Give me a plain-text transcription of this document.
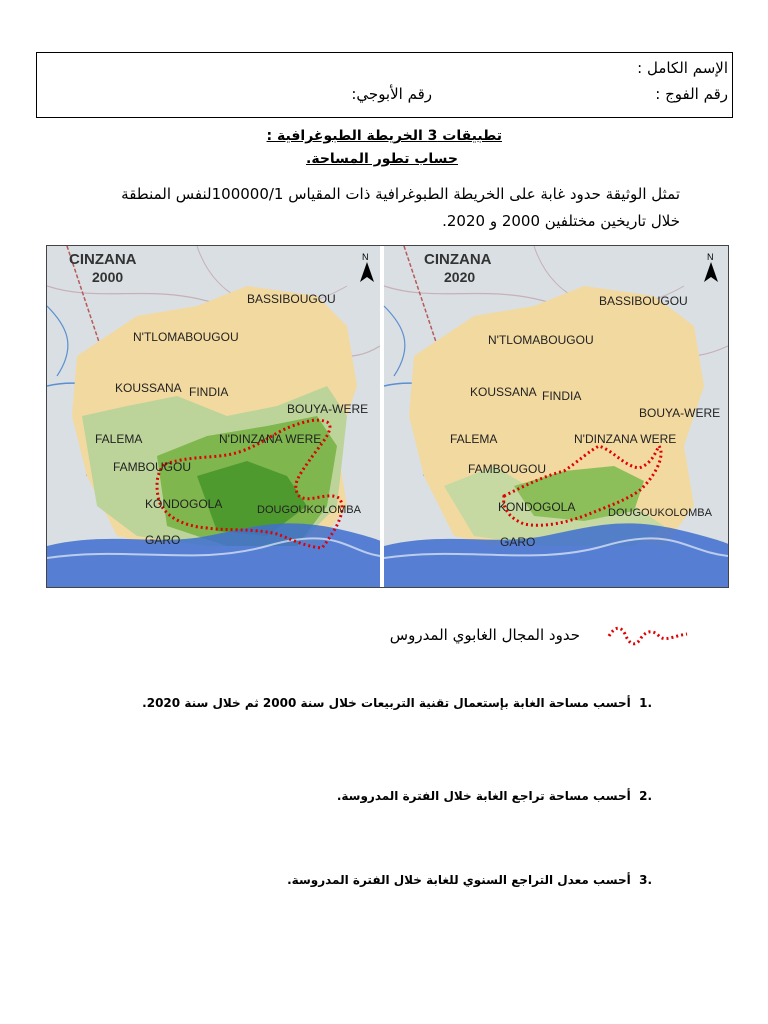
الإسم الكامل :
رقم الفوج :
رقم الأبوجي:
تطبيقات 3 الخريطة الطبوغرافية :
حساب تطور المساحة.
تمثل الوثيقة حدود غابة على الخريطة الطبوغرافية ذات المقياس 100000/1لنفس المنطقة
خلال تاريخين مختلفين 2000 و 2020.
CINZANA
2000
BASSIBOUGOU
N'TLOMABOUGOU
KOUSSANA FINDIA
BOUYA-WERE
FALEMA	N'DINZANA WERE
FAMBOUGOU
KONDOGOLA	DOUGOUKOLOMBA
GARO
N	CINZANA
2020
BASSIBOUGOU
N'TLOMABOUGOU
KOUSSANA FINDIA
BOUYA-WERE
FALEMA	N'DINZANA WERE
FAMBOUGOU
KONDOGOLA	DOUGOUKOLOMBA
GARO
N
حدود المجال الغابوي المدروس
.1  أحسب مساحة الغابة بإستعمال تقنية التربيعات خلال سنة 2000 ثم خلال سنة 2020.
.2  أحسب مساحة تراجع الغابة خلال الفترة المدروسة.
.3  أحسب معدل التراجع السنوي للغابة خلال الفترة المدروسة.
